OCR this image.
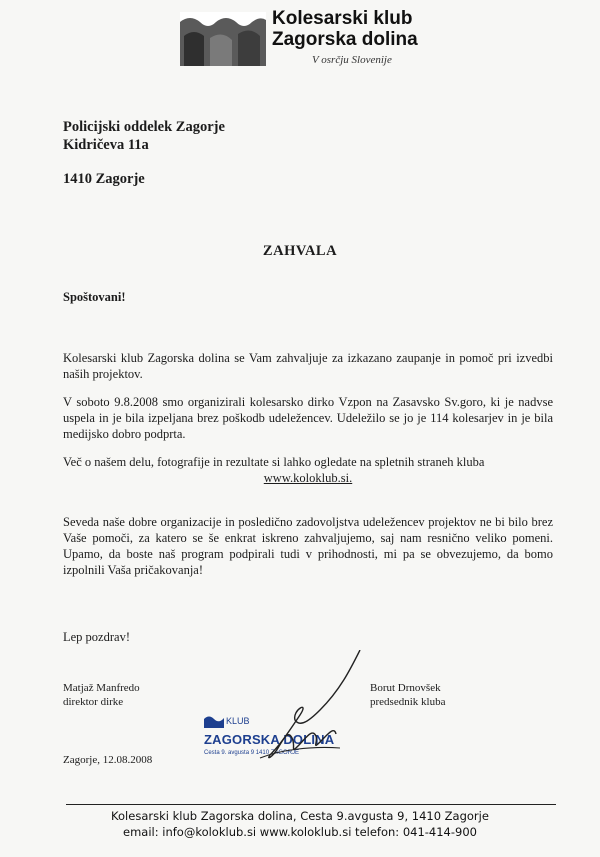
Kolesarski klub
Zagorska dolina
V osrčju Slovenije
Policijski oddelek Zagorje
Kidričeva 11a
1410 Zagorje
ZAHVALA
Spoštovani!
Kolesarski klub Zagorska dolina se Vam zahvaljuje za izkazano zaupanje in pomoč pri izvedbi naših projektov.
V soboto 9.8.2008 smo organizirali kolesarsko dirko Vzpon na Zasavsko Sv.goro, ki je nadvse uspela in je bila izpeljana brez poškodb udeležencev. Udeležilo se jo je 114 kolesarjev in je bila medijsko dobro podprta.
Več o našem delu, fotografije in rezultate si lahko ogledate na spletnih straneh kluba
www.koloklub.si.
Seveda naše dobre organizacije in posledično zadovoljstva udeležencev projektov ne bi bilo brez Vaše pomoči, za katero se še enkrat iskreno zahvaljujemo, saj nam resnično veliko pomeni. Upamo, da boste naš program podpirali tudi v prihodnosti, mi pa se obvezujemo, da bomo izpolnili Vaša pričakovanja!
Lep pozdrav!
Matjaž Manfredo
direktor dirke
Borut Drnovšek
predsednik kluba
KLUB
ZAGORSKA DOLINA
Cesta 9. avgusta 9 1410 ZAGORJE
Zagorje, 12.08.2008
Kolesarski klub Zagorska dolina, Cesta 9.avgusta 9, 1410 Zagorje
email: info@koloklub.si www.koloklub.si telefon: 041-414-900
